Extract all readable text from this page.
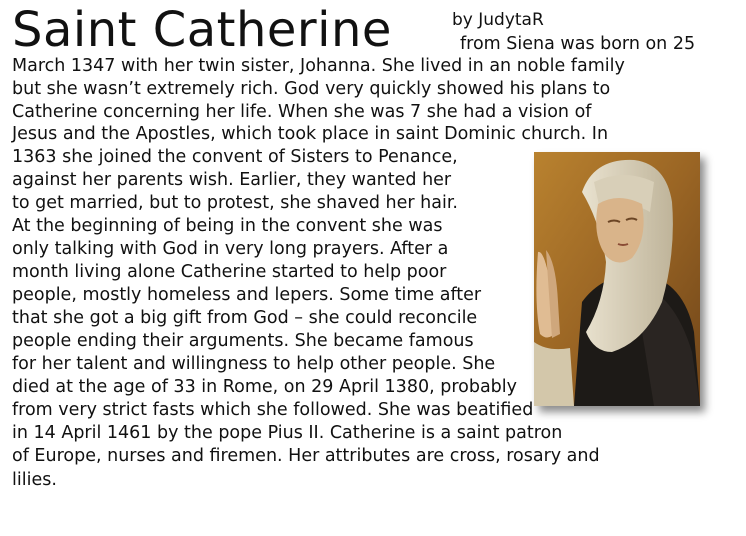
Saint Catherine	by JudytaR
from Siena was born on 25
March 1347 with her twin sister, Johanna. She lived in an noble family
but she wasn’t extremely rich. God very quickly showed his plans to
Catherine concerning her life. When she was 7 she had a vision of
Jesus and the Apostles, which took place in saint Dominic church. In
1363 she joined the convent of Sisters to Penance,
against her parents wish. Earlier, they wanted her
to get married, but to protest, she shaved her hair.
At the beginning of being in the convent she was
only talking with God in very long prayers. After a
month living alone Catherine started to help poor
people, mostly homeless and lepers. Some time after
that she got a big gift from God – she could reconcile
people ending their arguments. She became famous
for her talent and willingness to help other people. She
died at the age of 33 in Rome, on 29 April 1380, probably
from very strict fasts which she followed. She was beatified
in 14 April 1461 by the pope Pius II. Catherine is a saint patron
of Europe, nurses and firemen. Her attributes are cross, rosary and
lilies.
